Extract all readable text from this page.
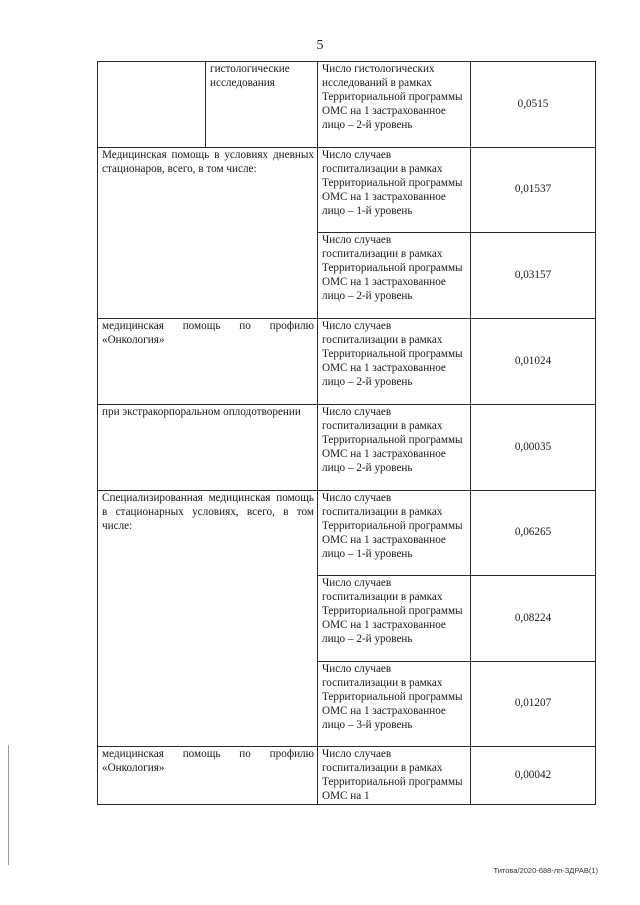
5
	гистологические исследования	Число гистологических исследований в рамках Территориальной программы ОМС на 1 застрахованное лицо – 2-й уровень	0,0515
Медицинская помощь в условиях дневных стационаров, всего, в том числе:		Число случаев госпитализации в рамках Территориальной программы ОМС на 1 застрахованное лицо – 1-й уровень	0,01537
		Число случаев госпитализации в рамках Территориальной программы ОМС на 1 застрахованное лицо – 2-й уровень	0,03157
медицинская помощь по профилю «Онкология»		Число случаев госпитализации в рамках Территориальной программы ОМС на 1 застрахованное лицо – 2-й уровень	0,01024
при экстракорпоральном оплодотворении		Число случаев госпитализации в рамках Территориальной программы ОМС на 1 застрахованное лицо – 2-й уровень	0,00035
Специализированная медицинская помощь в стационарных условиях, всего, в том числе:		Число случаев госпитализации в рамках Территориальной программы ОМС на 1 застрахованное лицо – 1-й уровень	0,06265
		Число случаев госпитализации в рамках Территориальной программы ОМС на 1 застрахованное лицо – 2-й уровень	0,08224
		Число случаев госпитализации в рамках Территориальной программы ОМС на 1 застрахованное лицо – 3-й уровень	0,01207
медицинская помощь по профилю «Онкология»		Число случаев госпитализации в рамках Территориальной программы ОМС на 1	0,00042
Титова/2020-688-лп-ЗДРАВ(1)
